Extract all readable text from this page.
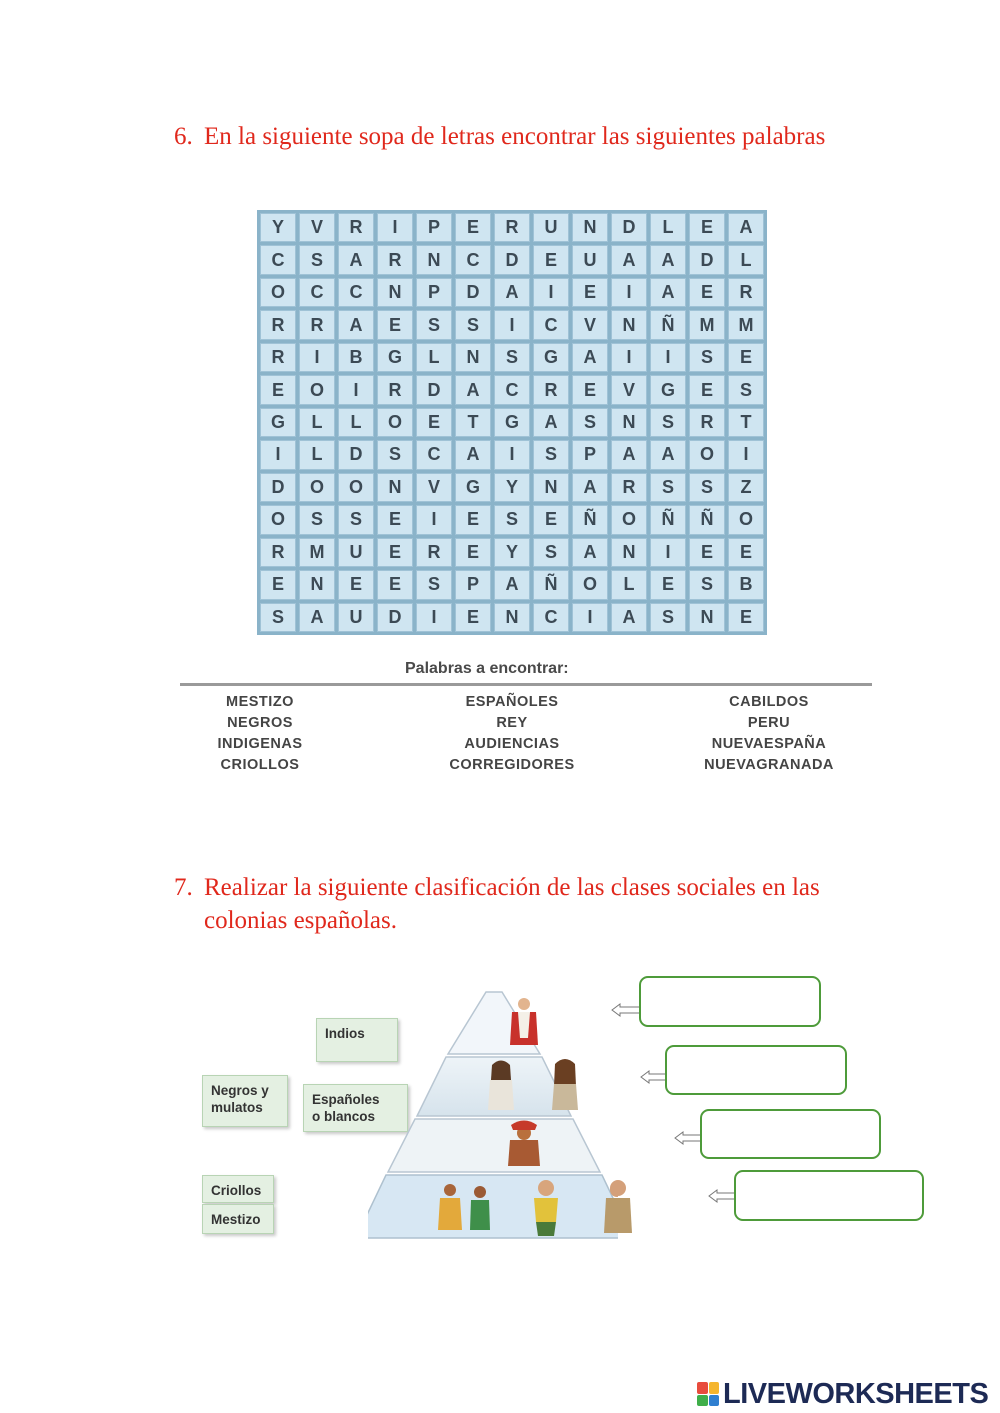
6. En la siguiente sopa de letras encontrar las siguientes palabras
Y	V	R	I	P	E	R	U	N	D	L	E	A
C	S	A	R	N	C	D	E	U	A	A	D	L
O	C	C	N	P	D	A	I	E	I	A	E	R
R	R	A	E	S	S	I	C	V	N	Ñ	M	M
R	I	B	G	L	N	S	G	A	I	I	S	E
E	O	I	R	D	A	C	R	E	V	G	E	S
G	L	L	O	E	T	G	A	S	N	S	R	T
I	L	D	S	C	A	I	S	P	A	A	O	I
D	O	O	N	V	G	Y	N	A	R	S	S	Z
O	S	S	E	I	E	S	E	Ñ	O	Ñ	Ñ	O
R	M	U	E	R	E	Y	S	A	N	I	E	E
E	N	E	E	S	P	A	Ñ	O	L	E	S	B
S	A	U	D	I	E	N	C	I	A	S	N	E
Palabras a encontrar:
MESTIZO
NEGROS
INDIGENAS
CRIOLLOS
ESPAÑOLES
REY
AUDIENCIAS
CORREGIDORES
CABILDOS
PERU
NUEVAESPAÑA
NUEVAGRANADA
7. Realizar la siguiente clasificación de las clases sociales en las colonias españolas.
Indios
Negros y
mulatos
Españoles
o blancos
Criollos
Mestizo
LIVEWORKSHEETS
